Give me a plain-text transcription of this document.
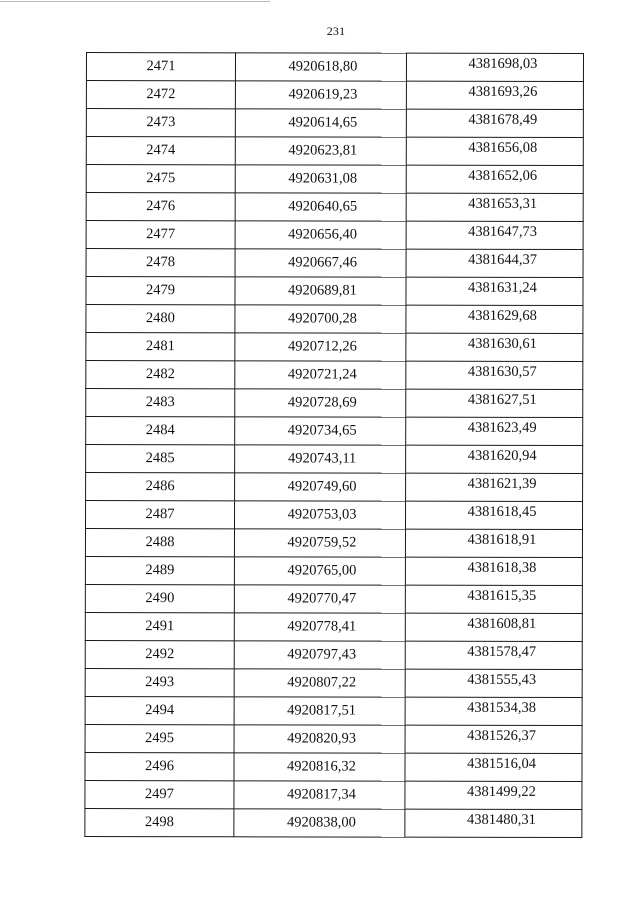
231
2471	4920618,80	4381698,03
2472	4920619,23	4381693,26
2473	4920614,65	4381678,49
2474	4920623,81	4381656,08
2475	4920631,08	4381652,06
2476	4920640,65	4381653,31
2477	4920656,40	4381647,73
2478	4920667,46	4381644,37
2479	4920689,81	4381631,24
2480	4920700,28	4381629,68
2481	4920712,26	4381630,61
2482	4920721,24	4381630,57
2483	4920728,69	4381627,51
2484	4920734,65	4381623,49
2485	4920743,11	4381620,94
2486	4920749,60	4381621,39
2487	4920753,03	4381618,45
2488	4920759,52	4381618,91
2489	4920765,00	4381618,38
2490	4920770,47	4381615,35
2491	4920778,41	4381608,81
2492	4920797,43	4381578,47
2493	4920807,22	4381555,43
2494	4920817,51	4381534,38
2495	4920820,93	4381526,37
2496	4920816,32	4381516,04
2497	4920817,34	4381499,22
2498	4920838,00	4381480,31
